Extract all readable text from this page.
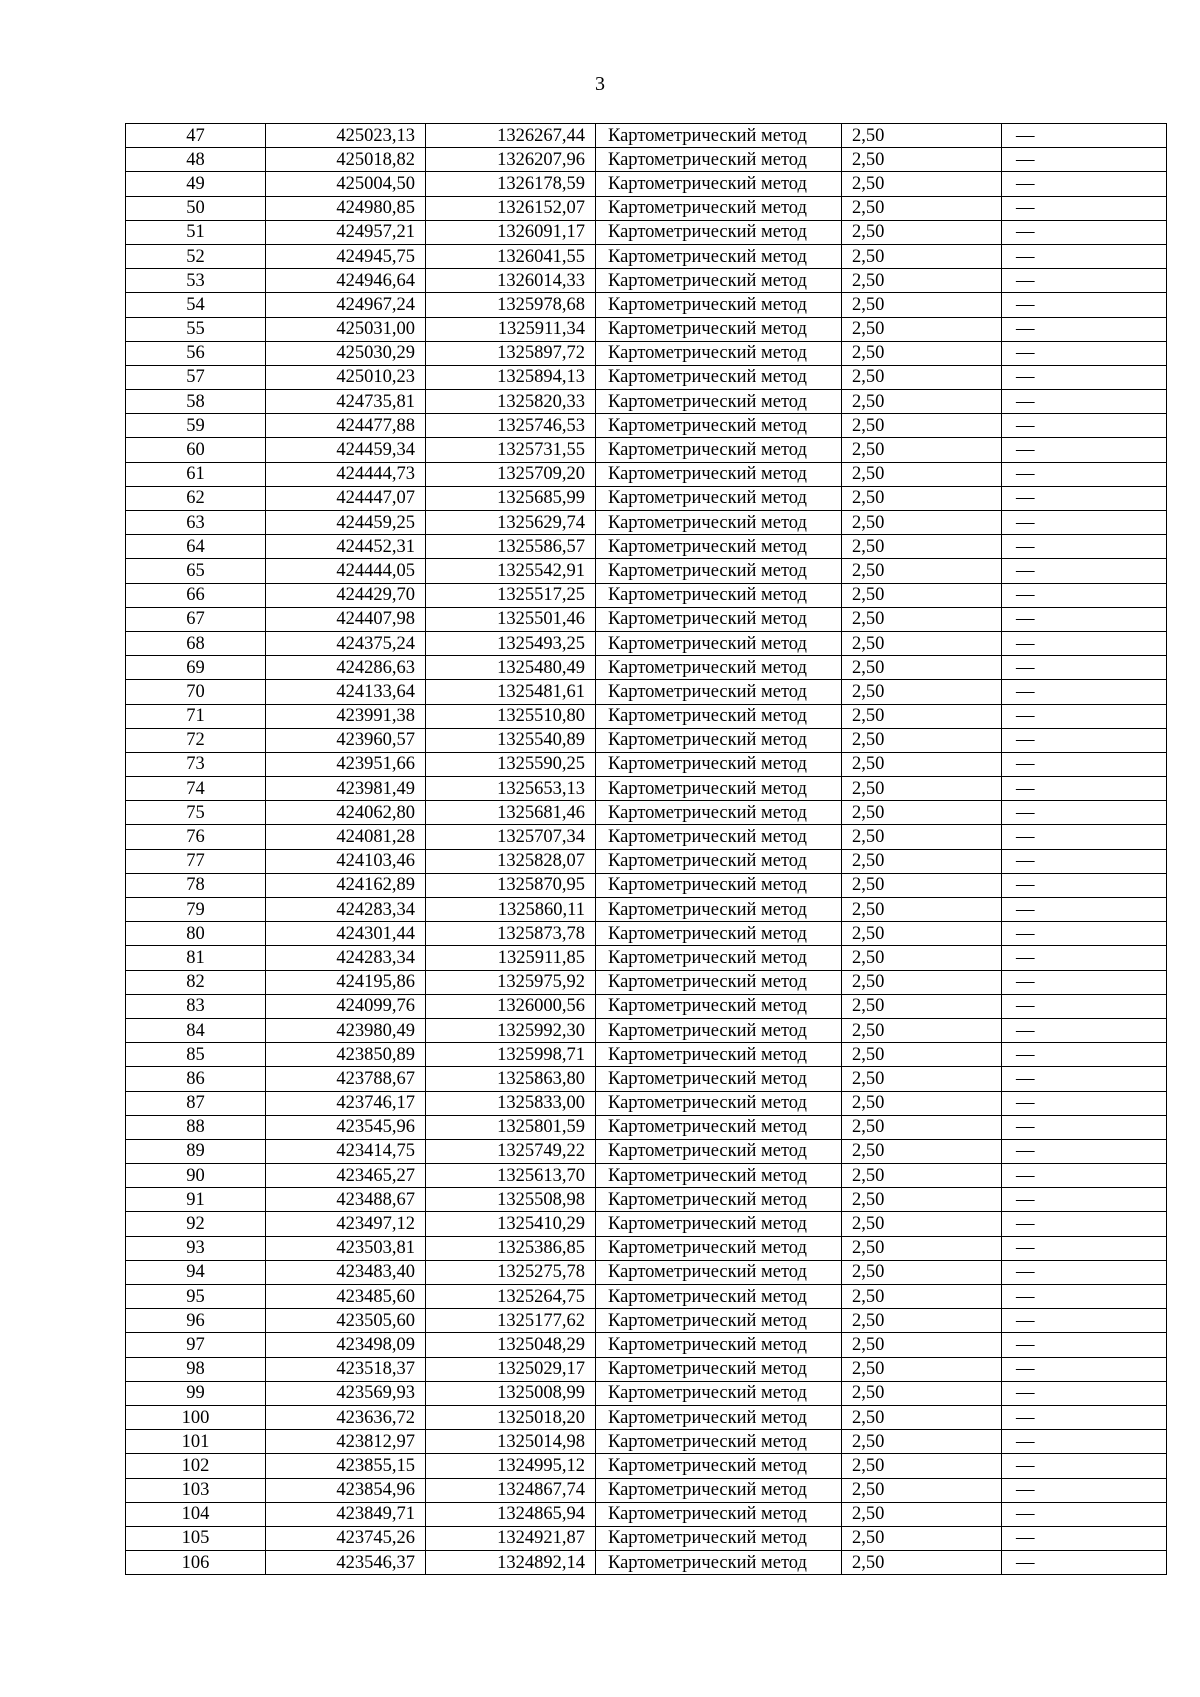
3
47	425023,13	1326267,44	Картометрический метод	2,50	—
48	425018,82	1326207,96	Картометрический метод	2,50	—
49	425004,50	1326178,59	Картометрический метод	2,50	—
50	424980,85	1326152,07	Картометрический метод	2,50	—
51	424957,21	1326091,17	Картометрический метод	2,50	—
52	424945,75	1326041,55	Картометрический метод	2,50	—
53	424946,64	1326014,33	Картометрический метод	2,50	—
54	424967,24	1325978,68	Картометрический метод	2,50	—
55	425031,00	1325911,34	Картометрический метод	2,50	—
56	425030,29	1325897,72	Картометрический метод	2,50	—
57	425010,23	1325894,13	Картометрический метод	2,50	—
58	424735,81	1325820,33	Картометрический метод	2,50	—
59	424477,88	1325746,53	Картометрический метод	2,50	—
60	424459,34	1325731,55	Картометрический метод	2,50	—
61	424444,73	1325709,20	Картометрический метод	2,50	—
62	424447,07	1325685,99	Картометрический метод	2,50	—
63	424459,25	1325629,74	Картометрический метод	2,50	—
64	424452,31	1325586,57	Картометрический метод	2,50	—
65	424444,05	1325542,91	Картометрический метод	2,50	—
66	424429,70	1325517,25	Картометрический метод	2,50	—
67	424407,98	1325501,46	Картометрический метод	2,50	—
68	424375,24	1325493,25	Картометрический метод	2,50	—
69	424286,63	1325480,49	Картометрический метод	2,50	—
70	424133,64	1325481,61	Картометрический метод	2,50	—
71	423991,38	1325510,80	Картометрический метод	2,50	—
72	423960,57	1325540,89	Картометрический метод	2,50	—
73	423951,66	1325590,25	Картометрический метод	2,50	—
74	423981,49	1325653,13	Картометрический метод	2,50	—
75	424062,80	1325681,46	Картометрический метод	2,50	—
76	424081,28	1325707,34	Картометрический метод	2,50	—
77	424103,46	1325828,07	Картометрический метод	2,50	—
78	424162,89	1325870,95	Картометрический метод	2,50	—
79	424283,34	1325860,11	Картометрический метод	2,50	—
80	424301,44	1325873,78	Картометрический метод	2,50	—
81	424283,34	1325911,85	Картометрический метод	2,50	—
82	424195,86	1325975,92	Картометрический метод	2,50	—
83	424099,76	1326000,56	Картометрический метод	2,50	—
84	423980,49	1325992,30	Картометрический метод	2,50	—
85	423850,89	1325998,71	Картометрический метод	2,50	—
86	423788,67	1325863,80	Картометрический метод	2,50	—
87	423746,17	1325833,00	Картометрический метод	2,50	—
88	423545,96	1325801,59	Картометрический метод	2,50	—
89	423414,75	1325749,22	Картометрический метод	2,50	—
90	423465,27	1325613,70	Картометрический метод	2,50	—
91	423488,67	1325508,98	Картометрический метод	2,50	—
92	423497,12	1325410,29	Картометрический метод	2,50	—
93	423503,81	1325386,85	Картометрический метод	2,50	—
94	423483,40	1325275,78	Картометрический метод	2,50	—
95	423485,60	1325264,75	Картометрический метод	2,50	—
96	423505,60	1325177,62	Картометрический метод	2,50	—
97	423498,09	1325048,29	Картометрический метод	2,50	—
98	423518,37	1325029,17	Картометрический метод	2,50	—
99	423569,93	1325008,99	Картометрический метод	2,50	—
100	423636,72	1325018,20	Картометрический метод	2,50	—
101	423812,97	1325014,98	Картометрический метод	2,50	—
102	423855,15	1324995,12	Картометрический метод	2,50	—
103	423854,96	1324867,74	Картометрический метод	2,50	—
104	423849,71	1324865,94	Картометрический метод	2,50	—
105	423745,26	1324921,87	Картометрический метод	2,50	—
106	423546,37	1324892,14	Картометрический метод	2,50	—
